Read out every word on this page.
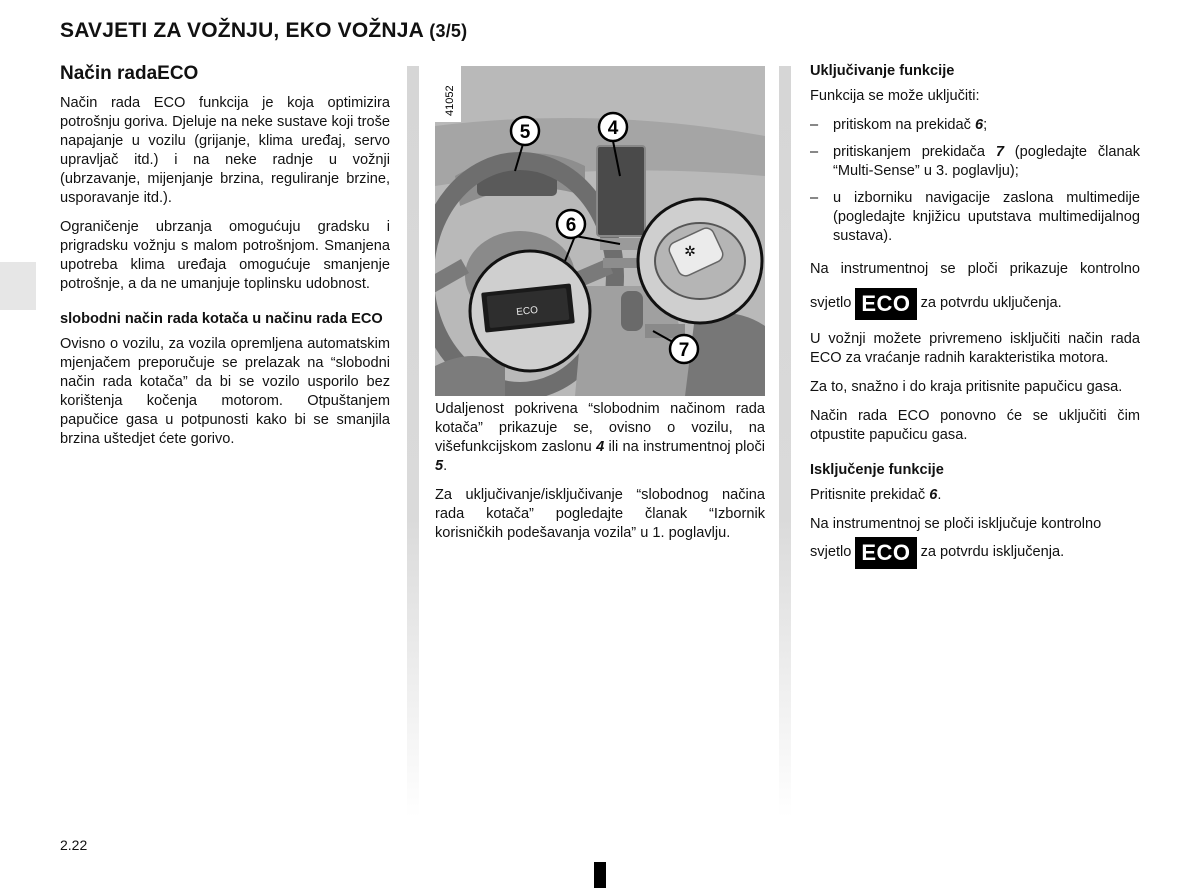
SAVJETI ZA VOŽNJU, EKO VOŽNJA (3/5)
Način radaECO

Način rada ECO funkcija je koja optimizira potrošnju goriva. Djeluje na neke sustave koji troše napajanje u vozilu (grijanje, klima uređaj, servo upravljač itd.) i na neke radnje u vožnji (ubrzavanje, mijenjanje brzina, reguliranje brzine, usporavanje itd.).

Ograničenje ubrzanja omogućuju gradsku i prigradsku vožnju s malom potrošnjom. Smanjena upotreba klima uređaja omogućuje smanjenje potrošnje, a da ne umanjuje toplinsku udobnost.

slobodni način rada kotača u načinu rada ECO

Ovisno o vozilu, za vozila opremljena automatskim mjenjačem preporučuje se prelazak na “slobodni način rada kotača” da bi se vozilo usporilo bez korištenja kočenja motorom. Otpuštanjem papučice gasa u potpunosti kako bi se smanjila brzina uštedjet ćete gorivo.

ECO
✲
5	4
6
7
41052

Udaljenost pokrivena “slobodnim načinom rada kotača” prikazuje se, ovisno o vozilu, na višefunkcijskom zaslonu 4 ili na instrumentnoj ploči 5.

Za uključivanje/isključivanje “slobodnog načina rada kotača” pogledajte članak “Izbornik korisničkih podešavanja vozila” u 1. poglavlju.

Uključivanje funkcije

Funkcija se može uključiti:

– pritiskom na prekidač 6;
– pritiskanjem prekidača 7 (pogledajte članak “Multi-Sense” u 3. poglavlju);
– u izborniku navigacije zaslona multimedije (pogledajte knjižicu uputstava multimedijalnog sustava).

Na instrumentnoj se ploči prikazuje kontrolno svjetlo ECO za potvrdu uključenja.

U vožnji možete privremeno isključiti način rada ECO za vraćanje radnih karakteristika motora.

Za to, snažno i do kraja pritisnite papučicu gasa.

Način rada ECO ponovno će se uključiti čim otpustite papučicu gasa.

Isključenje funkcije

Pritisnite prekidač 6.

Na instrumentnoj se ploči isključuje kontrolno
svjetlo ECO za potvrdu isključenja.

2.22
